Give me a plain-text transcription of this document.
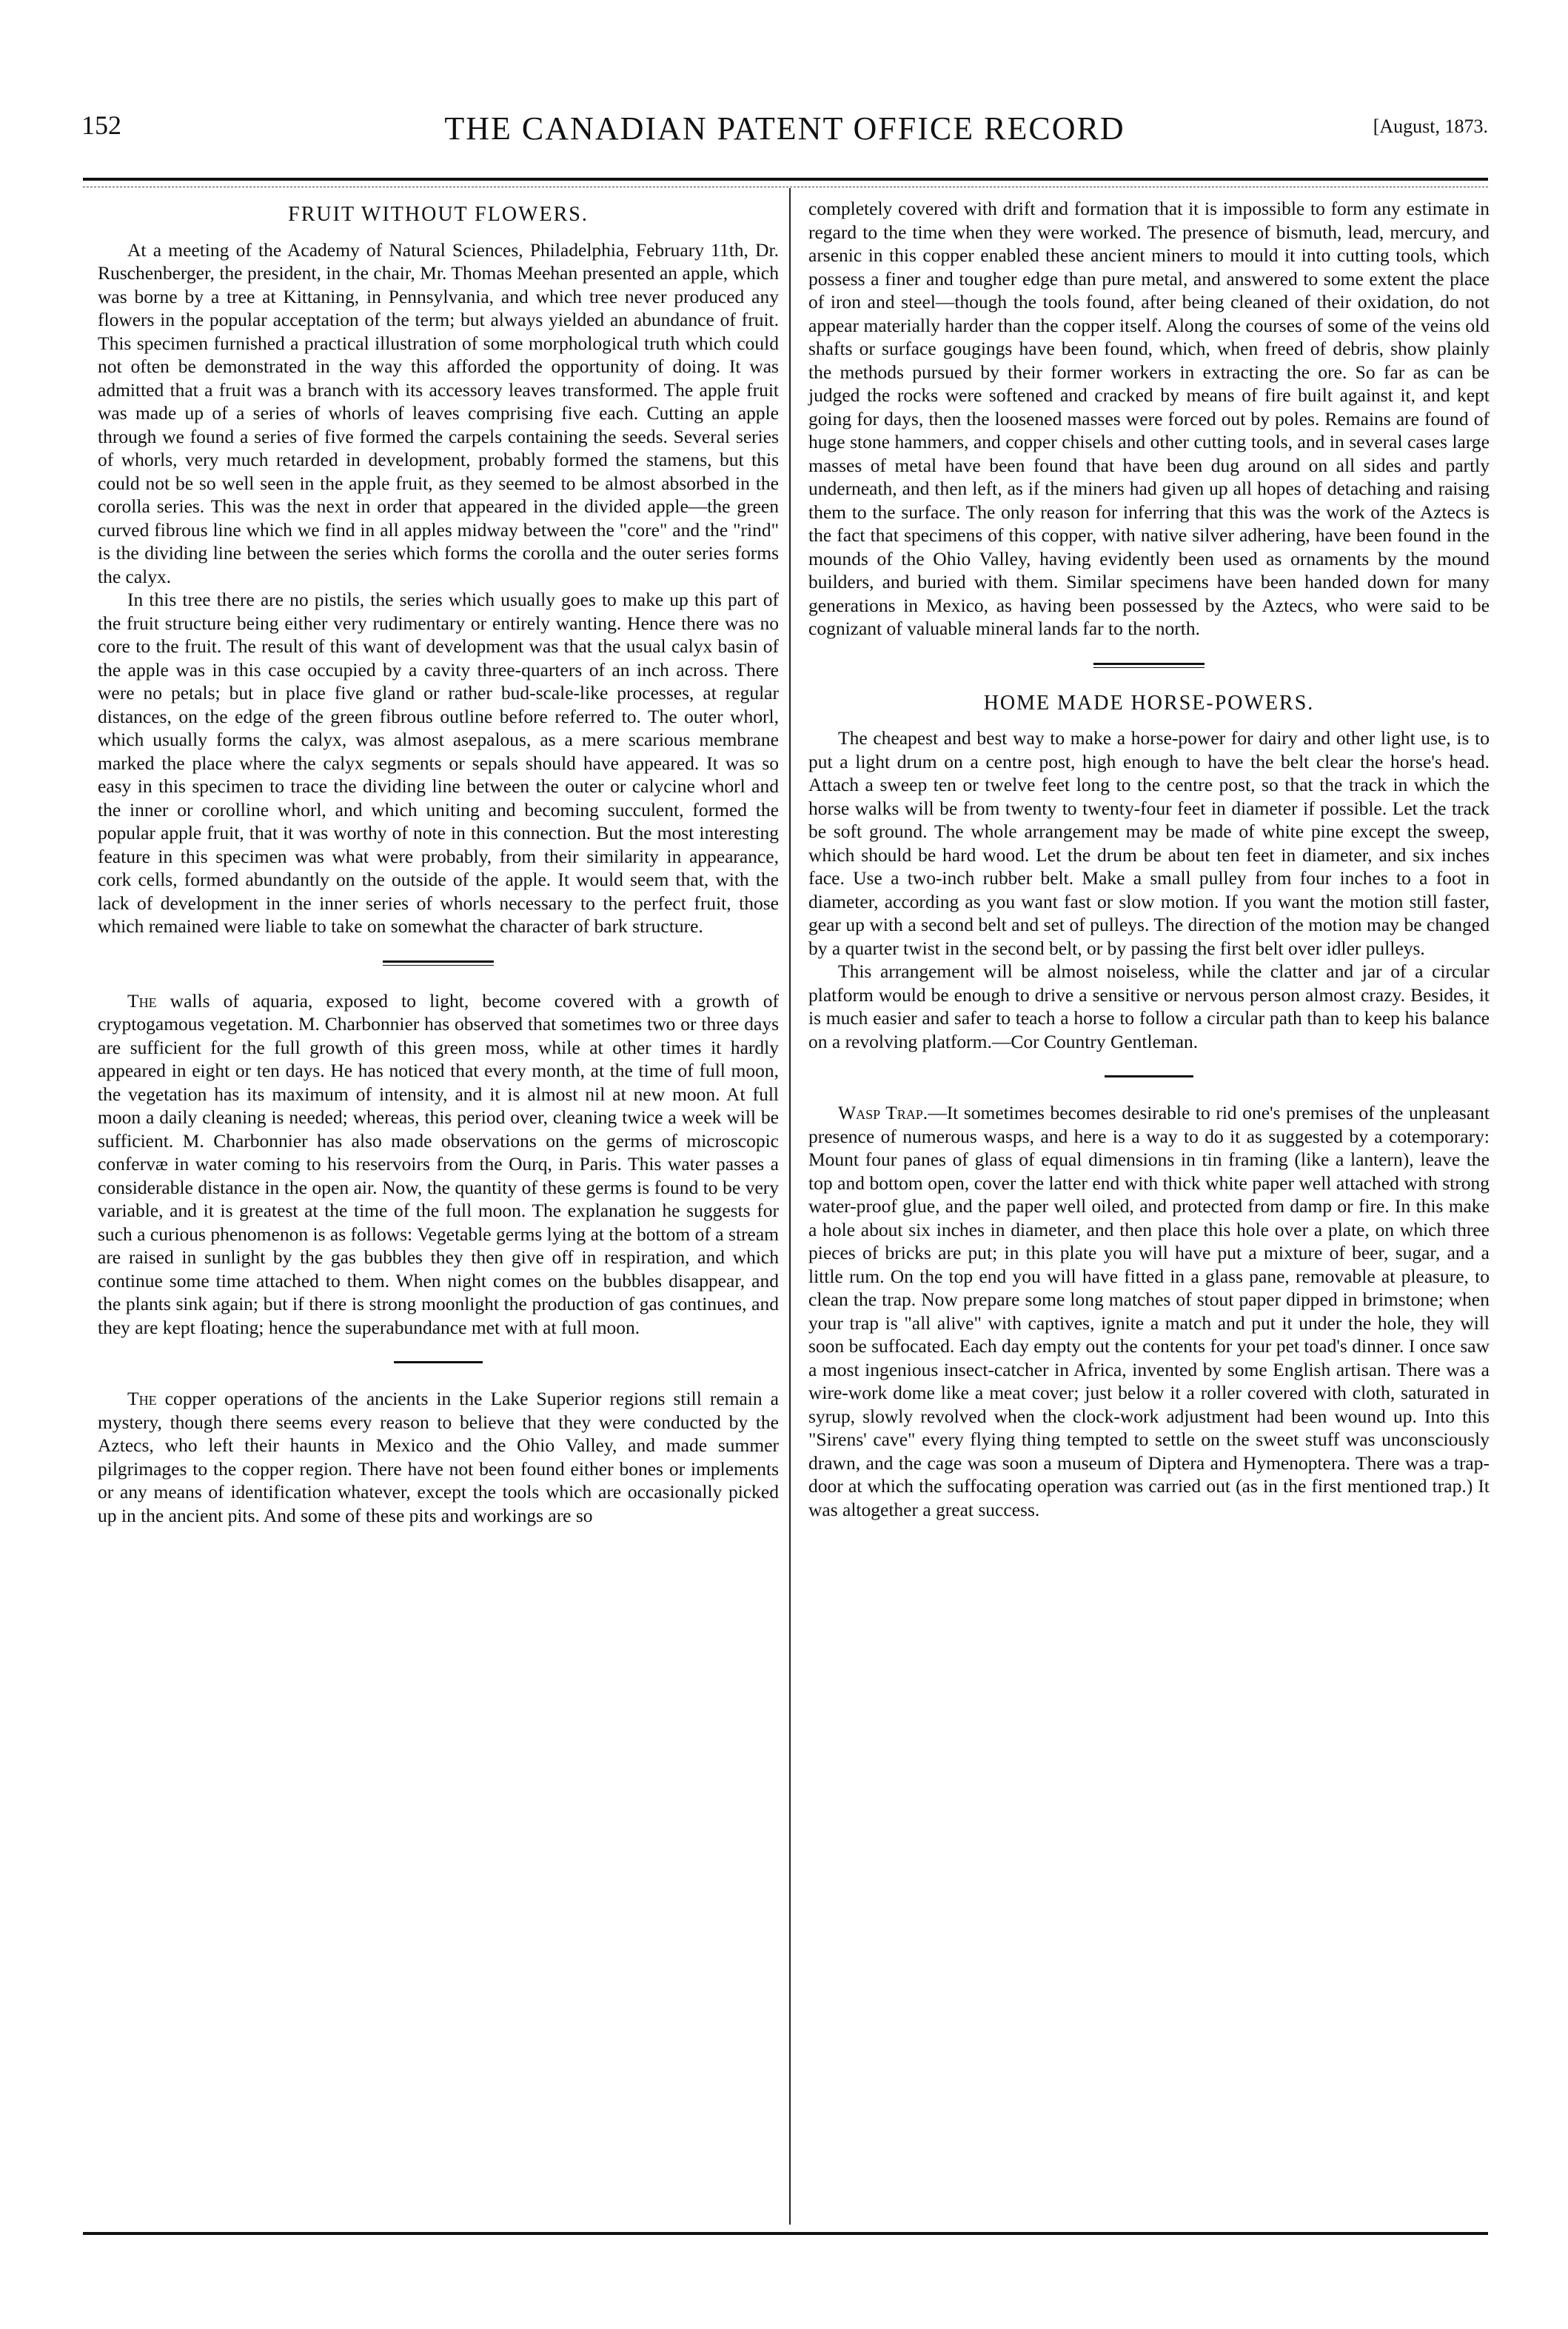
152	THE CANADIAN PATENT OFFICE RECORD	[August, 1873.
FRUIT WITHOUT FLOWERS.

At a meeting of the Academy of Natural Sciences, Philadelphia, February 11th, Dr. Ruschenberger, the president, in the chair, Mr. Thomas Meehan presented an apple, which was borne by a tree at Kittaning, in Pennsylvania, and which tree never produced any flowers in the popular acceptation of the term; but always yielded an abundance of fruit. This specimen furnished a practical illustration of some morphological truth which could not often be demonstrated in the way this afforded the opportunity of doing. It was admitted that a fruit was a branch with its accessory leaves transformed. The apple fruit was made up of a series of whorls of leaves comprising five each. Cutting an apple through we found a series of five formed the carpels containing the seeds. Several series of whorls, very much retarded in development, probably formed the stamens, but this could not be so well seen in the apple fruit, as they seemed to be almost absorbed in the corolla series. This was the next in order that appeared in the divided apple—the green curved fibrous line which we find in all apples midway between the "core" and the "rind" is the dividing line between the series which forms the corolla and the outer series forms the calyx.

In this tree there are no pistils, the series which usually goes to make up this part of the fruit structure being either very rudimentary or entirely wanting. Hence there was no core to the fruit. The result of this want of development was that the usual calyx basin of the apple was in this case occupied by a cavity three-quarters of an inch across. There were no petals; but in place five gland or rather bud-scale-like processes, at regular distances, on the edge of the green fibrous outline before referred to. The outer whorl, which usually forms the calyx, was almost asepalous, as a mere scarious membrane marked the place where the calyx segments or sepals should have appeared. It was so easy in this specimen to trace the dividing line between the outer or calycine whorl and the inner or corolline whorl, and which uniting and becoming succulent, formed the popular apple fruit, that it was worthy of note in this connection. But the most interesting feature in this specimen was what were probably, from their similarity in appearance, cork cells, formed abundantly on the outside of the apple. It would seem that, with the lack of development in the inner series of whorls necessary to the perfect fruit, those which remained were liable to take on somewhat the character of bark structure.

The walls of aquaria, exposed to light, become covered with a growth of cryptogamous vegetation. M. Charbonnier has observed that sometimes two or three days are sufficient for the full growth of this green moss, while at other times it hardly appeared in eight or ten days. He has noticed that every month, at the time of full moon, the vegetation has its maximum of intensity, and it is almost nil at new moon. At full moon a daily cleaning is needed; whereas, this period over, cleaning twice a week will be sufficient. M. Charbonnier has also made observations on the germs of microscopic confervæ in water coming to his reservoirs from the Ourq, in Paris. This water passes a considerable distance in the open air. Now, the quantity of these germs is found to be very variable, and it is greatest at the time of the full moon. The explanation he suggests for such a curious phenomenon is as follows: Vegetable germs lying at the bottom of a stream are raised in sunlight by the gas bubbles they then give off in respiration, and which continue some time attached to them. When night comes on the bubbles disappear, and the plants sink again; but if there is strong moonlight the production of gas continues, and they are kept floating; hence the superabundance met with at full moon.

The copper operations of the ancients in the Lake Superior regions still remain a mystery, though there seems every reason to believe that they were conducted by the Aztecs, who left their haunts in Mexico and the Ohio Valley, and made summer pilgrimages to the copper region. There have not been found either bones or implements or any means of identification whatever, except the tools which are occasionally picked up in the ancient pits. And some of these pits and workings are so

completely covered with drift and formation that it is impossible to form any estimate in regard to the time when they were worked. The presence of bismuth, lead, mercury, and arsenic in this copper enabled these ancient miners to mould it into cutting tools, which possess a finer and tougher edge than pure metal, and answered to some extent the place of iron and steel—though the tools found, after being cleaned of their oxidation, do not appear materially harder than the copper itself. Along the courses of some of the veins old shafts or surface gougings have been found, which, when freed of debris, show plainly the methods pursued by their former workers in extracting the ore. So far as can be judged the rocks were softened and cracked by means of fire built against it, and kept going for days, then the loosened masses were forced out by poles. Remains are found of huge stone hammers, and copper chisels and other cutting tools, and in several cases large masses of metal have been found that have been dug around on all sides and partly underneath, and then left, as if the miners had given up all hopes of detaching and raising them to the surface. The only reason for inferring that this was the work of the Aztecs is the fact that specimens of this copper, with native silver adhering, have been found in the mounds of the Ohio Valley, having evidently been used as ornaments by the mound builders, and buried with them. Similar specimens have been handed down for many generations in Mexico, as having been possessed by the Aztecs, who were said to be cognizant of valuable mineral lands far to the north.

HOME MADE HORSE-POWERS.

The cheapest and best way to make a horse-power for dairy and other light use, is to put a light drum on a centre post, high enough to have the belt clear the horse's head. Attach a sweep ten or twelve feet long to the centre post, so that the track in which the horse walks will be from twenty to twenty-four feet in diameter if possible. Let the track be soft ground. The whole arrangement may be made of white pine except the sweep, which should be hard wood. Let the drum be about ten feet in diameter, and six inches face. Use a two-inch rubber belt. Make a small pulley from four inches to a foot in diameter, according as you want fast or slow motion. If you want the motion still faster, gear up with a second belt and set of pulleys. The direction of the motion may be changed by a quarter twist in the second belt, or by passing the first belt over idler pulleys.

This arrangement will be almost noiseless, while the clatter and jar of a circular platform would be enough to drive a sensitive or nervous person almost crazy. Besides, it is much easier and safer to teach a horse to follow a circular path than to keep his balance on a revolving platform.—Cor Country Gentleman.

Wasp Trap.—It sometimes becomes desirable to rid one's premises of the unpleasant presence of numerous wasps, and here is a way to do it as suggested by a cotemporary: Mount four panes of glass of equal dimensions in tin framing (like a lantern), leave the top and bottom open, cover the latter end with thick white paper well attached with strong water-proof glue, and the paper well oiled, and protected from damp or fire. In this make a hole about six inches in diameter, and then place this hole over a plate, on which three pieces of bricks are put; in this plate you will have put a mixture of beer, sugar, and a little rum. On the top end you will have fitted in a glass pane, removable at pleasure, to clean the trap. Now prepare some long matches of stout paper dipped in brimstone; when your trap is "all alive" with captives, ignite a match and put it under the hole, they will soon be suffocated. Each day empty out the contents for your pet toad's dinner. I once saw a most ingenious insect-catcher in Africa, invented by some English artisan. There was a wire-work dome like a meat cover; just below it a roller covered with cloth, saturated in syrup, slowly revolved when the clock-work adjustment had been wound up. Into this "Sirens' cave" every flying thing tempted to settle on the sweet stuff was unconsciously drawn, and the cage was soon a museum of Diptera and Hymenoptera. There was a trap-door at which the suffocating operation was carried out (as in the first mentioned trap.) It was altogether a great success.
